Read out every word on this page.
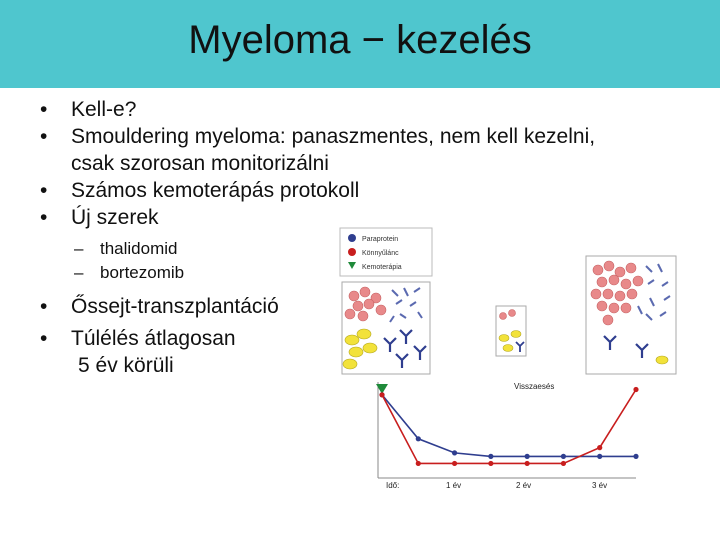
Myeloma − kezelés
• Kell-e?
• Smouldering myeloma: panaszmentes, nem kell kezelni,
csak szorosan monitorizálni
• Számos kemoterápás protokoll
• Új szerek
– thalidomid
– bortezomib
• Őssejt-transzplantáció
• Túlélés átlagosan
5 év körüli
Paraprotein
Könnyűlánc
Kemoterápia
Visszaesés
Idő:	1 év	2 év	3 év
